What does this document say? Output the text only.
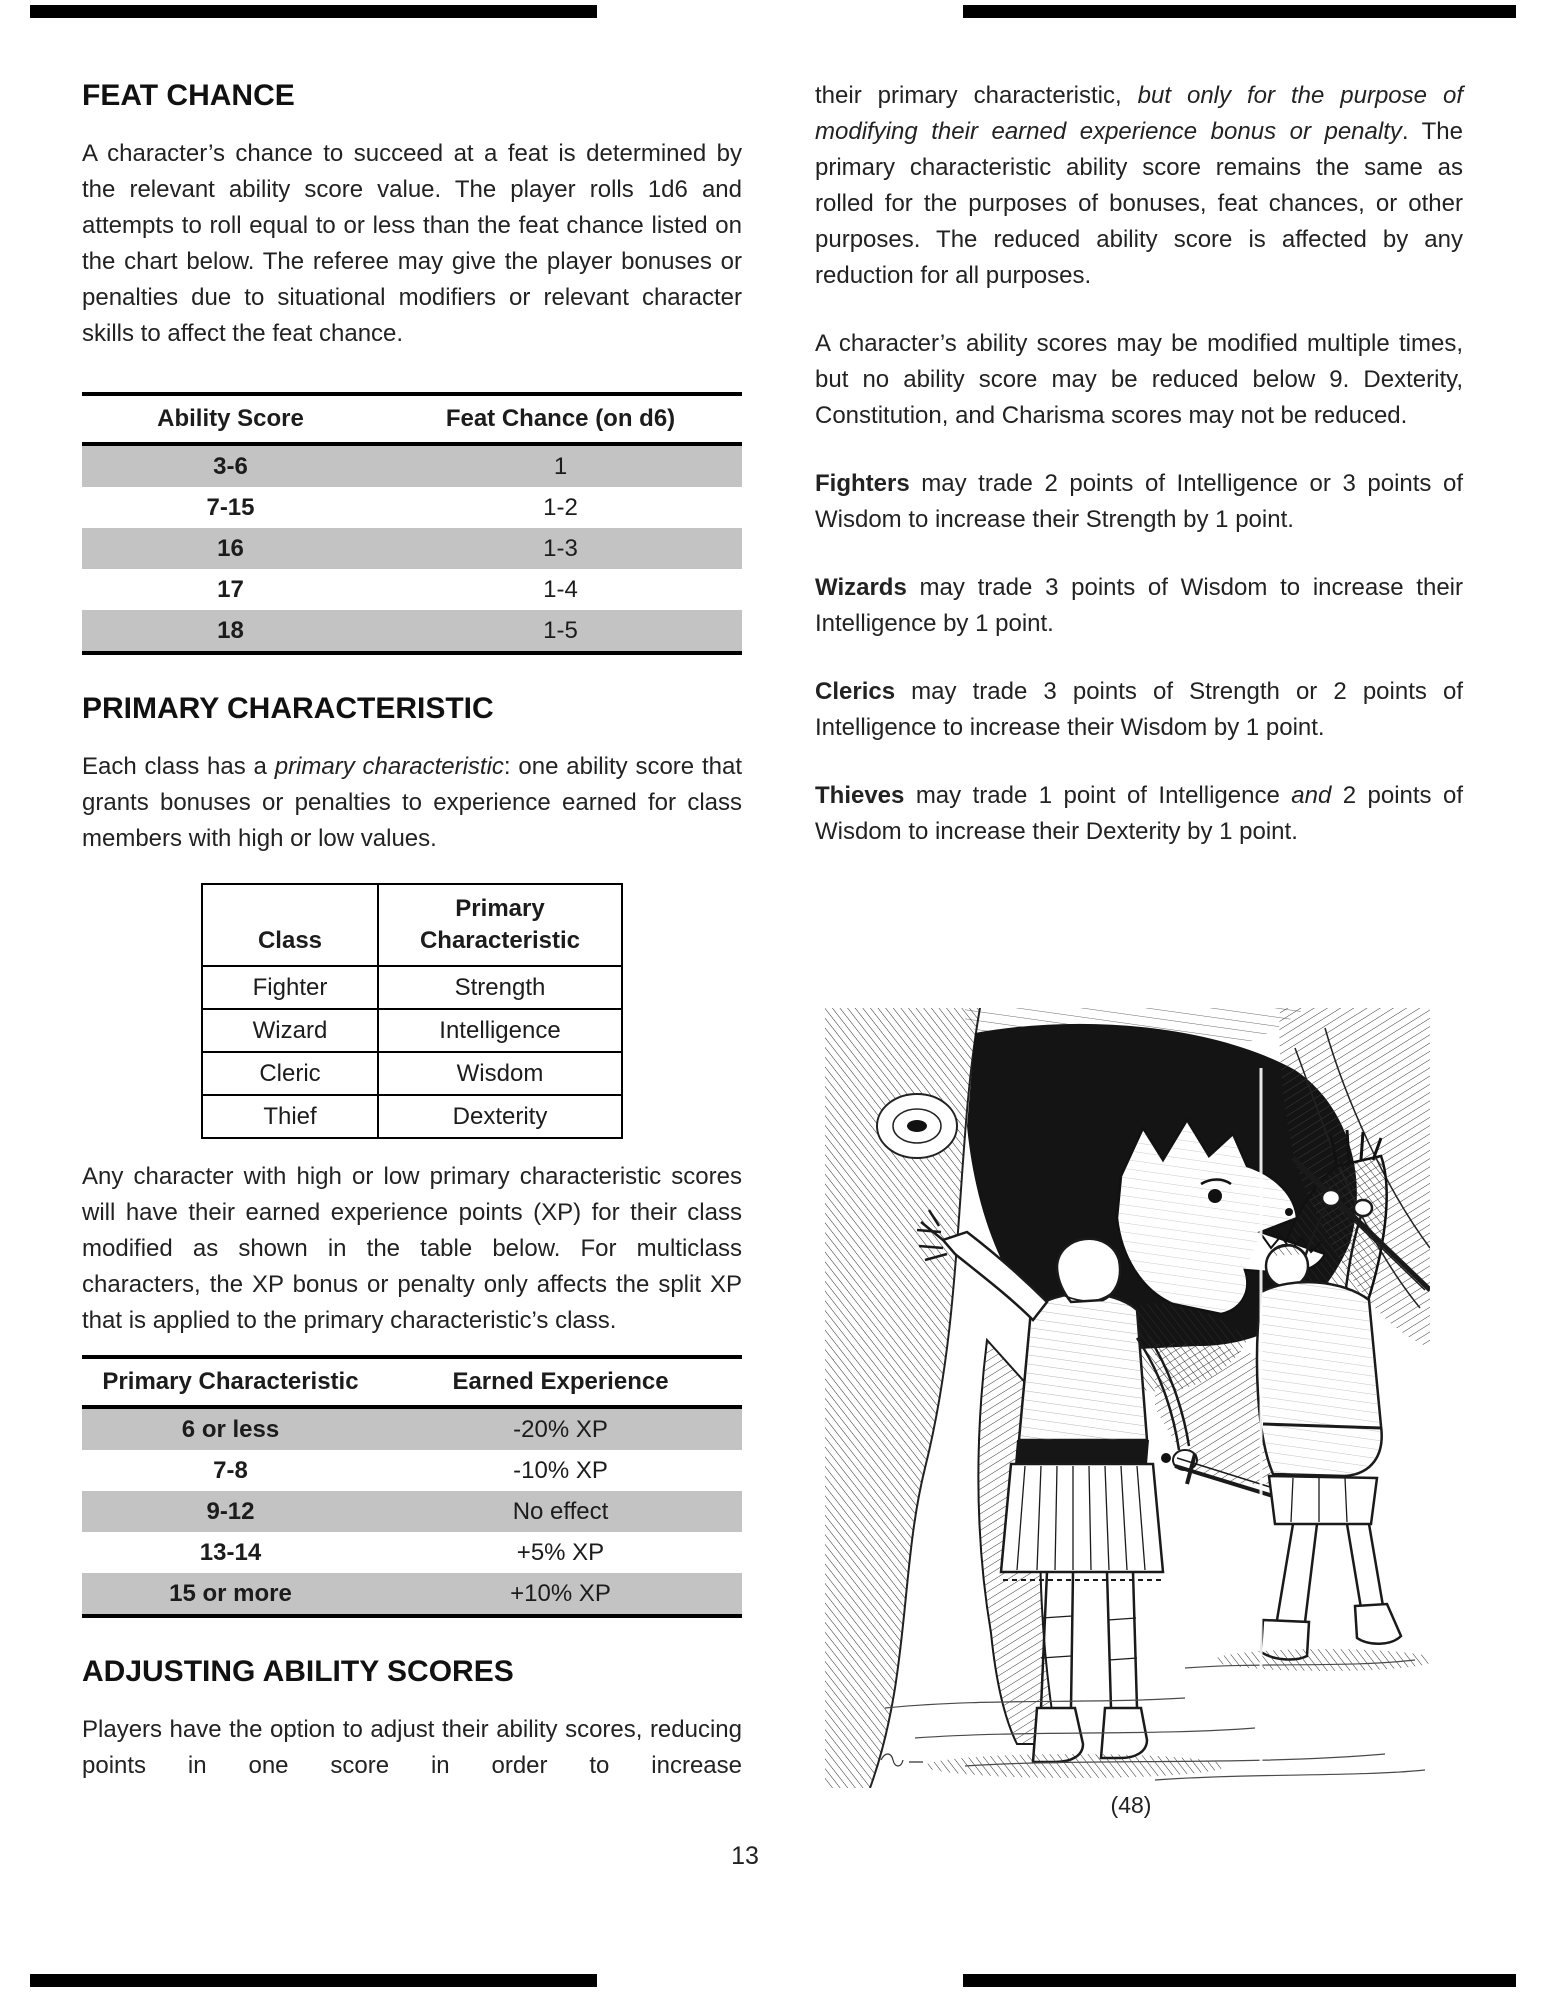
FEAT CHANCE

A character’s chance to succeed at a feat is determined by the relevant ability score value. The player rolls 1d6 and attempts to roll equal to or less than the feat chance listed on the chart below. The referee may give the player bonuses or penalties due to situational modifiers or relevant character skills to affect the feat chance.

Ability Score	Feat Chance (on d6)
3-6	1
7-15	1-2
16	1-3
17	1-4
18	1-5
PRIMARY CHARACTERISTIC

Each class has a primary characteristic: one ability score that grants bonuses or penalties to experience earned for class members with high or low values.

Class	Primary Characteristic
Fighter	Strength
Wizard	Intelligence
Cleric	Wisdom
Thief	Dexterity

Any character with high or low primary characteristic scores will have their earned experience points (XP) for their class modified as shown in the table below. For multiclass characters, the XP bonus or penalty only affects the split XP that is applied to the primary characteristic’s class.

Primary Characteristic	Earned Experience
6 or less	-20% XP
7-8	-10% XP
9-12	No effect
13-14	+5% XP
15 or more	+10% XP
ADJUSTING ABILITY SCORES

Players have the option to adjust their ability scores, reducing points in one score in order to increase

their primary characteristic, but only for the purpose of modifying their earned experience bonus or penalty. The primary characteristic ability score remains the same as rolled for the purposes of bonuses, feat chances, or other purposes. The reduced ability score is affected by any reduction for all purposes.

A character’s ability scores may be modified multiple times, but no ability score may be reduced below 9. Dexterity, Constitution, and Charisma scores may not be reduced.

Fighters may trade 2 points of Intelligence or 3 points of Wisdom to increase their Strength by 1 point.

Wizards may trade 3 points of Wisdom to increase their Intelligence by 1 point.

Clerics may trade 3 points of Strength or 2 points of Intelligence to increase their Wisdom by 1 point.

Thieves may trade 1 point of Intelligence and 2 points of Wisdom to increase their Dexterity by 1 point.

(48)
13
